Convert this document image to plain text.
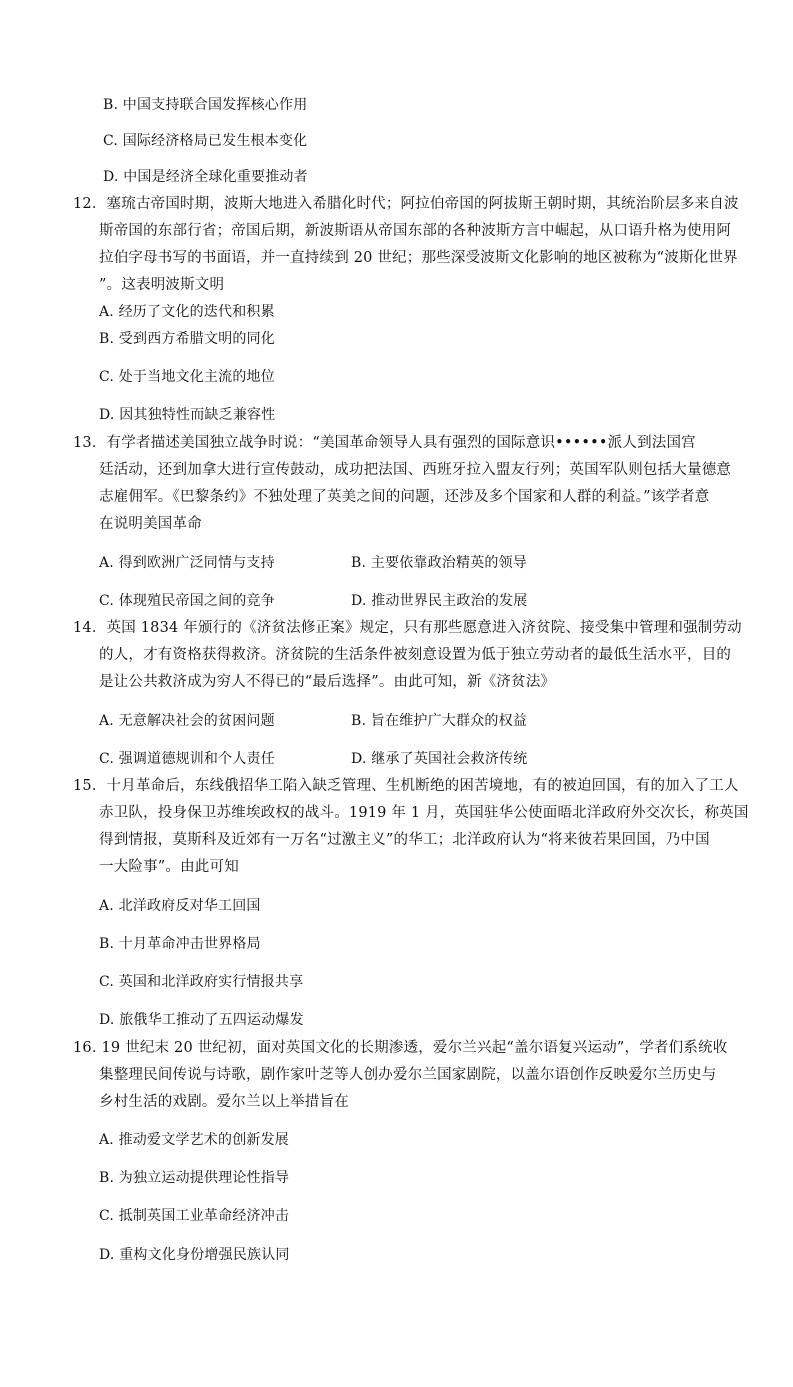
B. 中国支持联合国发挥核心作用
C. 国际经济格局已发生根本变化
D. 中国是经济全球化重要推动者
12．塞琉古帝国时期，波斯大地进入希腊化时代；阿拉伯帝国的阿拔斯王朝时期，其统治阶层多来自波
斯帝国的东部行省；帝国后期，新波斯语从帝国东部的各种波斯方言中崛起，从口语升格为使用阿
拉伯字母书写的书面语，并一直持续到 20 世纪；那些深受波斯文化影响的地区被称为“波斯化世界
”。这表明波斯文明
A. 经历了文化的迭代和积累
B. 受到西方希腊文明的同化
C. 处于当地文化主流的地位
D. 因其独特性而缺乏兼容性
13．有学者描述美国独立战争时说：“美国革命领导人具有强烈的国际意识••••••派人到法国宫
廷活动，还到加拿大进行宣传鼓动，成功把法国、西班牙拉入盟友行列；英国军队则包括大量德意
志雇佣军。《巴黎条约》不独处理了英美之间的问题，还涉及多个国家和人群的利益。”该学者意
在说明美国革命
A. 得到欧洲广泛同情与支持	B. 主要依靠政治精英的领导
C. 体现殖民帝国之间的竞争	D. 推动世界民主政治的发展
14．英国 1834 年颁行的《济贫法修正案》规定，只有那些愿意进入济贫院、接受集中管理和强制劳动
的人，才有资格获得救济。济贫院的生活条件被刻意设置为低于独立劳动者的最低生活水平，目的
是让公共救济成为穷人不得已的“最后选择”。由此可知，新《济贫法》
A. 无意解决社会的贫困问题	B. 旨在维护广大群众的权益
C. 强调道德规训和个人责任	D. 继承了英国社会救济传统
15．十月革命后，东线俄招华工陷入缺乏管理、生机断绝的困苦境地，有的被迫回国，有的加入了工人
赤卫队，投身保卫苏维埃政权的战斗。1919 年 1 月，英国驻华公使面晤北洋政府外交次长，称英国
得到情报，莫斯科及近郊有一万名“过激主义”的华工；北洋政府认为“将来彼若果回国，乃中国
一大险事”。由此可知
A. 北洋政府反对华工回国
B. 十月革命冲击世界格局
C. 英国和北洋政府实行情报共享
D. 旅俄华工推动了五四运动爆发
16. 19 世纪末 20 世纪初，面对英国文化的长期渗透，爱尔兰兴起“盖尔语复兴运动”，学者们系统收
集整理民间传说与诗歌，剧作家叶芝等人创办爱尔兰国家剧院，以盖尔语创作反映爱尔兰历史与
乡村生活的戏剧。爱尔兰以上举措旨在
A. 推动爱文学艺术的创新发展
B. 为独立运动提供理论性指导
C. 抵制英国工业革命经济冲击
D. 重构文化身份增强民族认同
